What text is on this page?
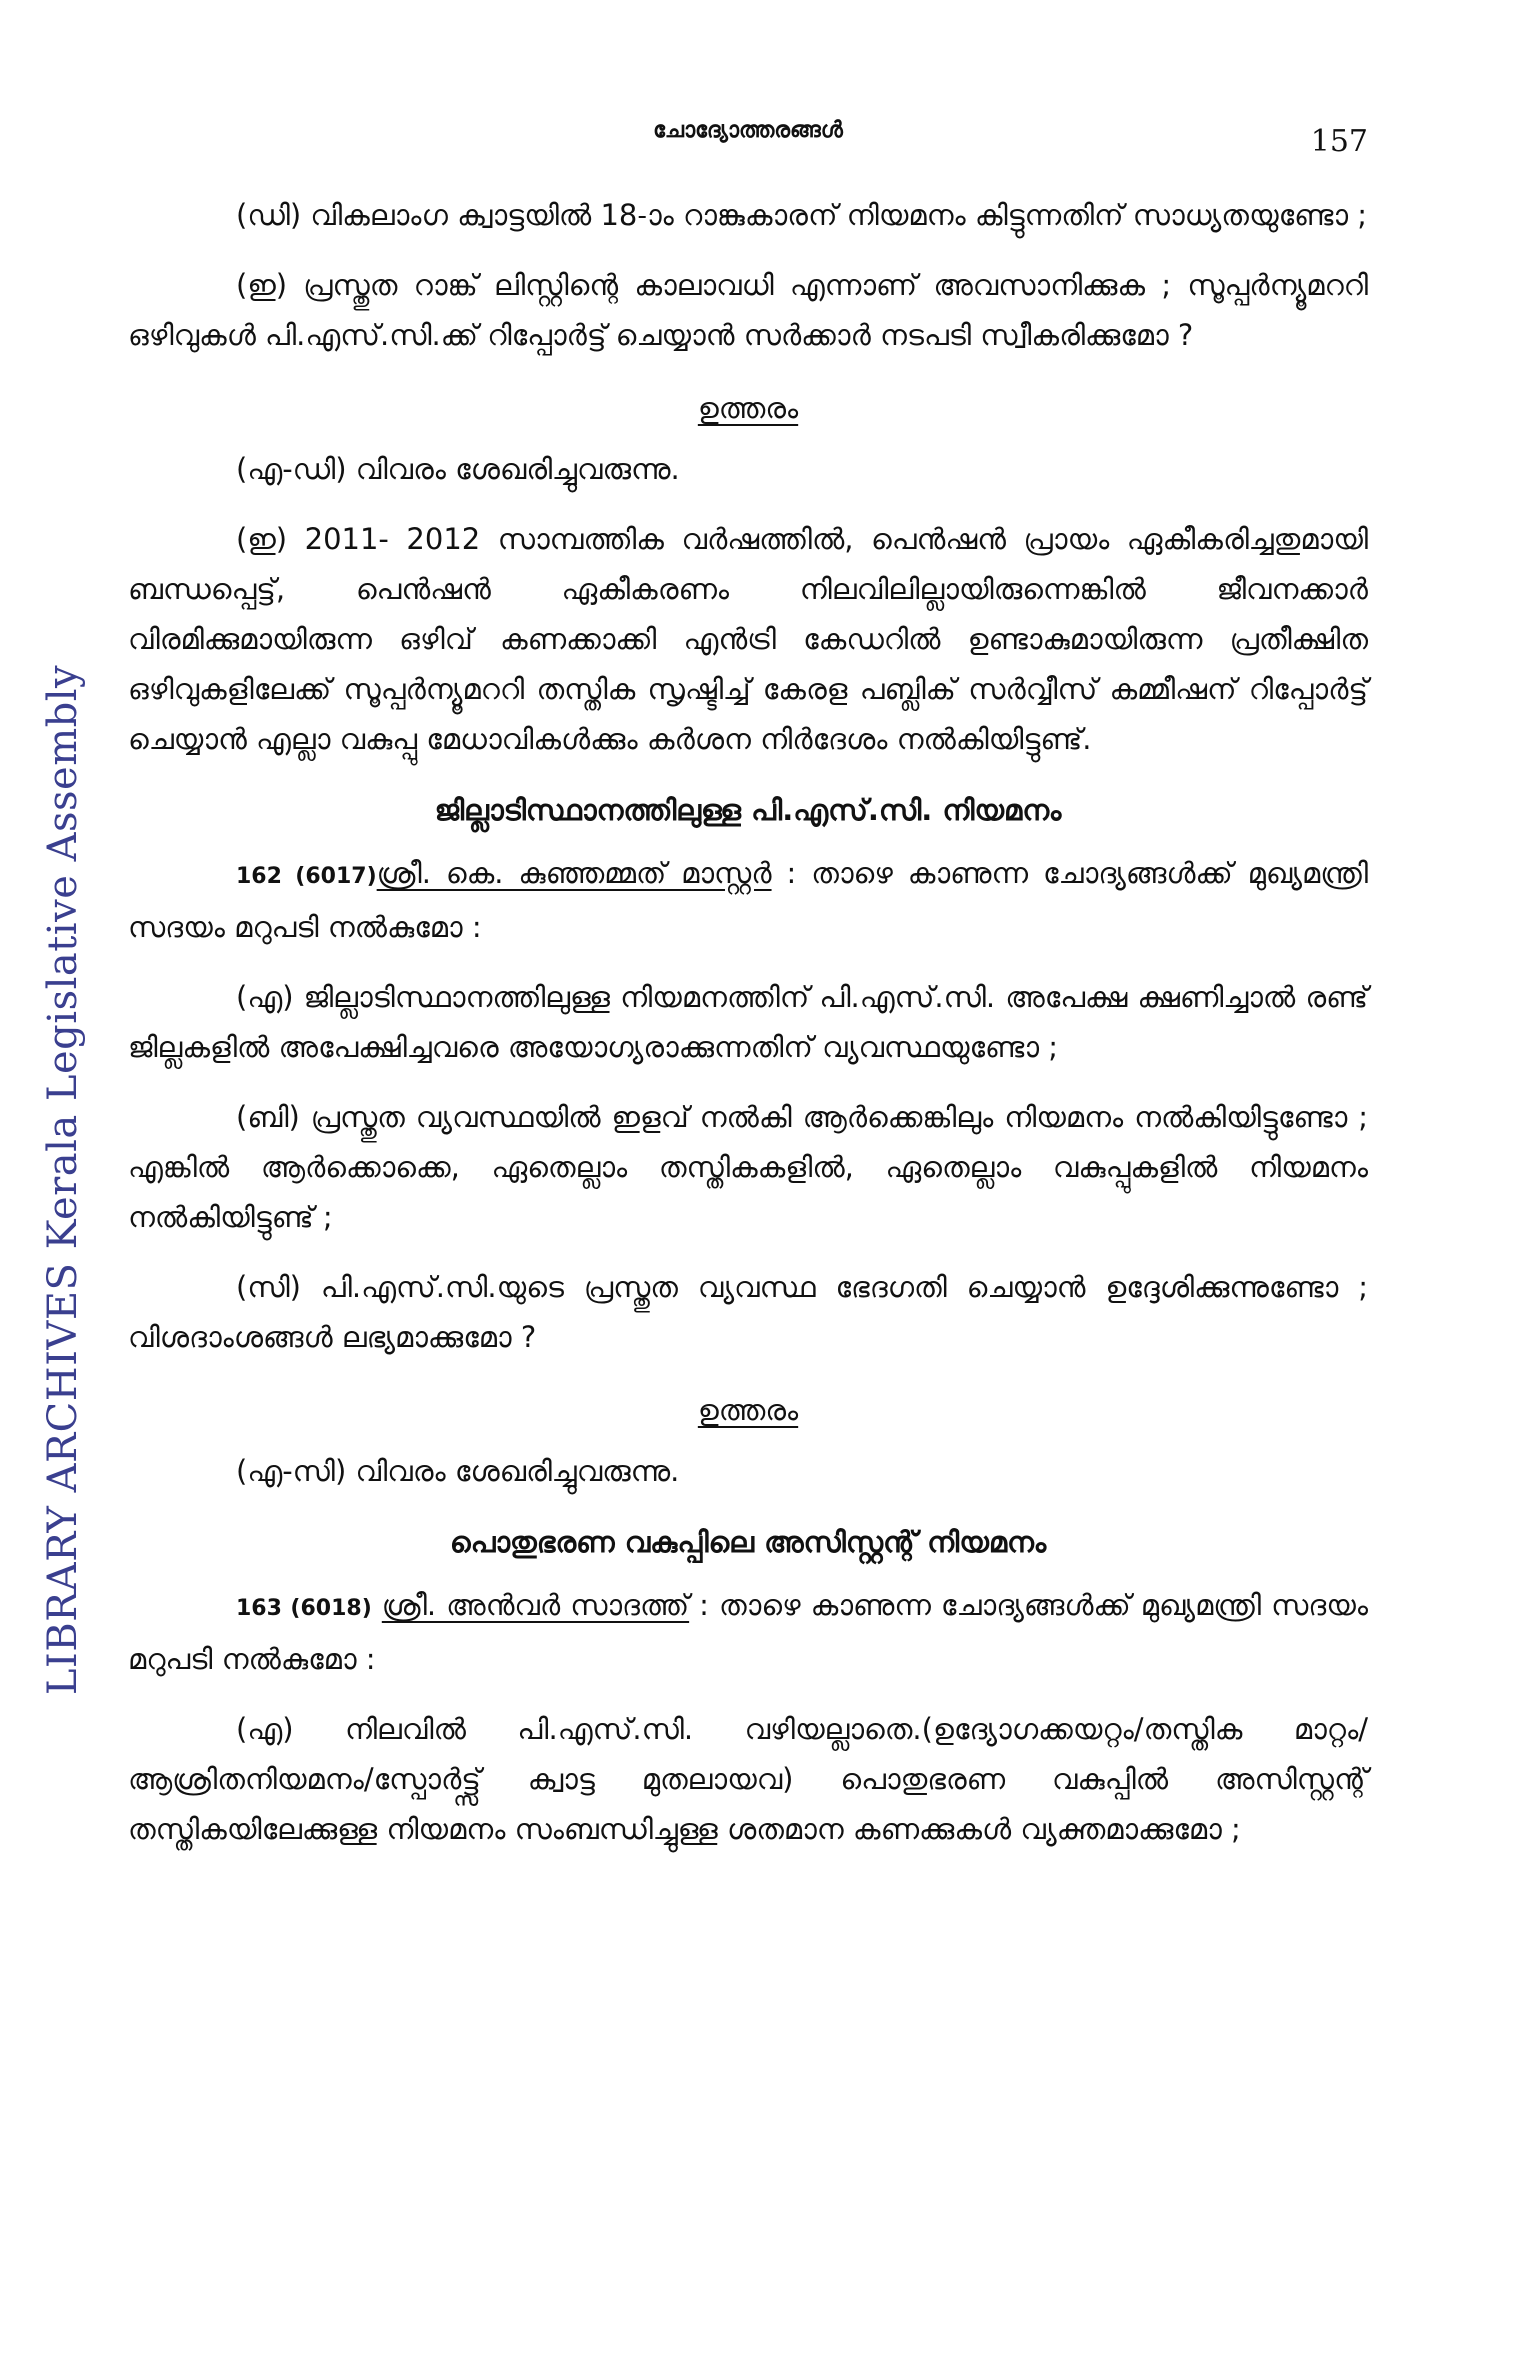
LIBRARY ARCHIVES Kerala Legislative Assembly
ചോദ്യോത്തരങ്ങൾ	157

(ഡി) വികലാംഗ ക്വാട്ടയിൽ 18-ാം റാങ്കുകാരന് നിയമനം കിട്ടുന്നതിന് സാധ്യതയുണ്ടോ ;

(ഇ) പ്രസ്തുത റാങ്ക് ലിസ്റ്റിന്റെ കാലാവധി എന്നാണ് അവസാനിക്കുക ; സൂപ്പർന്യൂമററി ഒഴിവുകൾ പി.എസ്.സി.ക്ക് റിപ്പോർട്ട് ചെയ്യാൻ സർക്കാർ നടപടി സ്വീകരിക്കുമോ ?

ഉത്തരം

(എ-ഡി) വിവരം ശേഖരിച്ചുവരുന്നു.

(ഇ) 2011- 2012 സാമ്പത്തിക വർഷത്തിൽ, പെൻഷൻ പ്രായം ഏകീകരിച്ചതുമായി ബന്ധപ്പെട്ട്, പെൻഷൻ ഏകീകരണം നിലവിലില്ലായിരുന്നെങ്കിൽ ജീവനക്കാർ വിരമിക്കുമായിരുന്ന ഒഴിവ് കണക്കാക്കി എൻട്രി കേഡറിൽ ഉണ്ടാകുമായിരുന്ന പ്രതീക്ഷിത ഒഴിവുകളിലേക്ക് സൂപ്പർന്യൂമററി തസ്തിക സൃഷ്ടിച്ച് കേരള പബ്ലിക് സർവ്വീസ് കമ്മീഷന് റിപ്പോർട്ട് ചെയ്യാൻ എല്ലാ വകുപ്പു മേധാവികൾക്കും കർശന നിർദേശം നൽകിയിട്ടുണ്ട്.

ജില്ലാടിസ്ഥാനത്തിലുള്ള പി.എസ്.സി. നിയമനം

162 (6017)ശ്രീ. കെ. കുഞ്ഞമ്മത് മാസ്റ്റർ : താഴെ കാണുന്ന ചോദ്യങ്ങൾക്ക് മുഖ്യമന്ത്രി സദയം മറുപടി നൽകുമോ :

(എ) ജില്ലാടിസ്ഥാനത്തിലുള്ള നിയമനത്തിന് പി.എസ്.സി. അപേക്ഷ ക്ഷണിച്ചാൽ രണ്ട് ജില്ലകളിൽ അപേക്ഷിച്ചവരെ അയോഗ്യരാക്കുന്നതിന് വ്യവസ്ഥയുണ്ടോ ;

(ബി) പ്രസ്തുത വ്യവസ്ഥയിൽ ഇളവ് നൽകി ആർക്കെങ്കിലും നിയമനം നൽകിയിട്ടുണ്ടോ ; എങ്കിൽ ആർക്കൊക്കെ, ഏതെല്ലാം തസ്തികകളിൽ, ഏതെല്ലാം വകുപ്പുകളിൽ നിയമനം നൽകിയിട്ടുണ്ട് ;

(സി) പി.എസ്.സി.യുടെ പ്രസ്തുത വ്യവസ്ഥ ഭേദഗതി ചെയ്യാൻ ഉദ്ദേശിക്കുന്നുണ്ടോ ; വിശദാംശങ്ങൾ ലഭ്യമാക്കുമോ ?

ഉത്തരം

(എ-സി) വിവരം ശേഖരിച്ചുവരുന്നു.

പൊതുഭരണ വകുപ്പിലെ അസിസ്റ്റന്റ് നിയമനം

163 (6018) ശ്രീ. അൻവർ സാദത്ത് : താഴെ കാണുന്ന ചോദ്യങ്ങൾക്ക് മുഖ്യമന്ത്രി സദയം മറുപടി നൽകുമോ :

(എ) നിലവിൽ പി.എസ്.സി. വഴിയല്ലാതെ.(ഉദ്യോഗക്കയറ്റം/തസ്തിക മാറ്റം/ആശ്രിതനിയമനം/സ്പോർട്ട്സ് ക്വാട്ട മുതലായവ) പൊതുഭരണ വകുപ്പിൽ അസിസ്റ്റന്റ് തസ്തികയിലേക്കുള്ള നിയമനം സംബന്ധിച്ചുള്ള ശതമാന കണക്കുകൾ വ്യക്തമാക്കുമോ ;
